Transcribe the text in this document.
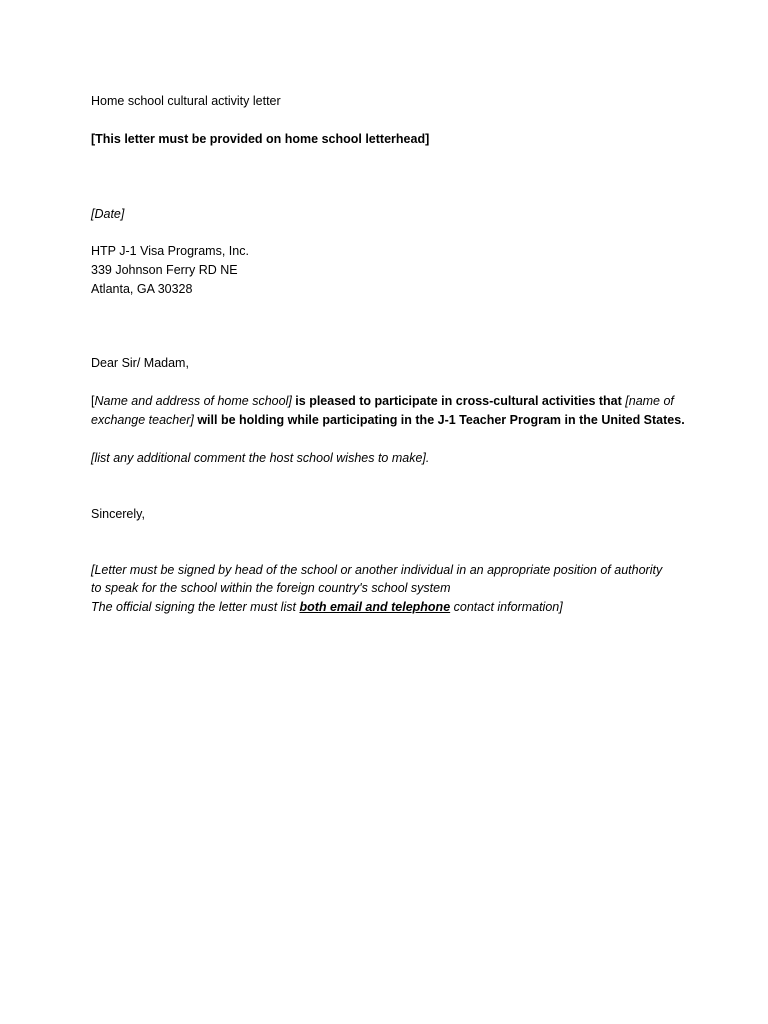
Home school cultural activity letter
[This letter must be provided on home school letterhead]
[Date]
HTP J-1 Visa Programs, Inc.
339 Johnson Ferry RD NE
Atlanta, GA 30328
Dear Sir/ Madam,
[Name and address of home school] is pleased to participate in cross-cultural activities that [name of
exchange teacher] will be holding while participating in the J-1 Teacher Program in the United States.
[list any additional comment the host school wishes to make].
Sincerely,
[Letter must be signed by head of the school or another individual in an appropriate position of authority
to speak for the school within the foreign country's school system
The official signing the letter must list both email and telephone contact information]
